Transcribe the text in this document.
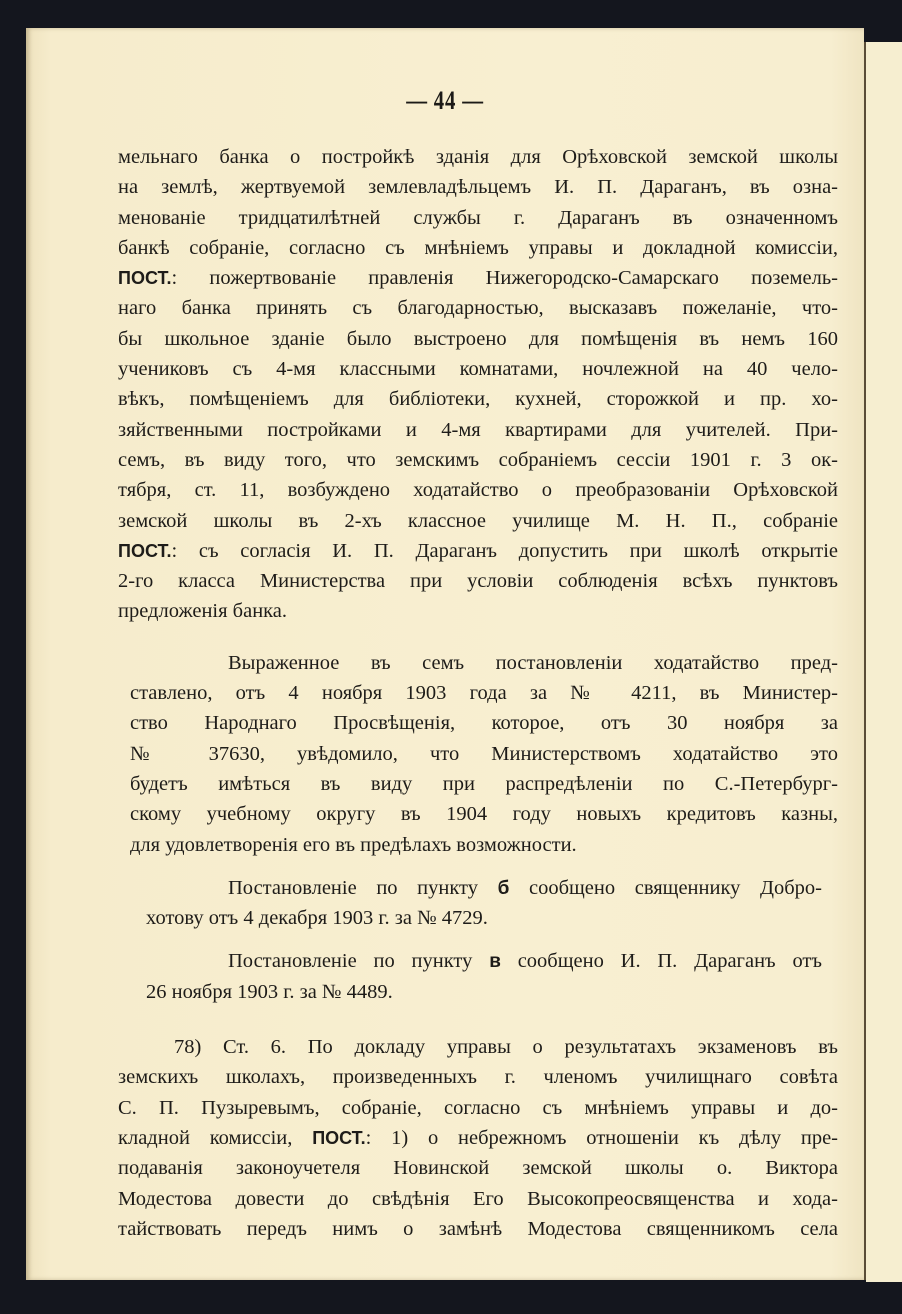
— 44 —
мельнаго банка о постройкѣ зданія для Орѣховской земской школы
на землѣ, жертвуемой землевладѣльцемъ И. П. Дараганъ, въ озна-
менованіе тридцатилѣтней службы г. Дараганъ въ означенномъ
банкѣ собраніе, согласно съ мнѣніемъ управы и докладной комиссіи,
ПОСТ.: пожертвованіе правленія Нижегородско-Самарскаго поземель-
наго банка принять съ благодарностью, высказавъ пожеланіе, что-
бы школьное зданіе было выстроено для помѣщенія въ немъ 160
учениковъ съ 4-мя классными комнатами, ночлежной на 40 чело-
вѣкъ, помѣщеніемъ для библіотеки, кухней, сторожкой и пр. хо-
зяйственными постройками и 4-мя квартирами для учителей. При-
семъ, въ виду того, что земскимъ собраніемъ сессіи 1901 г. 3 ок-
тября, ст. 11, возбуждено ходатайство о преобразованіи Орѣховской
земской школы въ 2-хъ классное училище М. Н. П., собраніе
ПОСТ.: съ согласія И. П. Дараганъ допустить при школѣ открытіе
2-го класса Министерства при условіи соблюденія всѣхъ пунктовъ
предложенія банка.
Выраженное въ семъ постановленіи ходатайство пред-
ставлено, отъ 4 ноября 1903 года за № 4211, въ Министер-
ство Народнаго Просвѣщенія, которое, отъ 30 ноября за
№ 37630, увѣдомило, что Министерствомъ ходатайство это
будетъ имѣться въ виду при распредѣленіи по С.-Петербург-
скому учебному округу въ 1904 году новыхъ кредитовъ казны,
для удовлетворенія его въ предѣлахъ возможности.
Постановленіе по пункту б сообщено священнику Добро-
хотову отъ 4 декабря 1903 г. за № 4729.
Постановленіе по пункту в сообщено И. П. Дараганъ отъ
26 ноября 1903 г. за № 4489.
78) Ст. 6. По докладу управы о результатахъ экзаменовъ въ
земскихъ школахъ, произведенныхъ г. членомъ училищнаго совѣта
С. П. Пузыревымъ, собраніе, согласно съ мнѣніемъ управы и до-
кладной комиссіи, ПОСТ.: 1) о небрежномъ отношеніи къ дѣлу пре-
подаванія законоучетеля Новинской земской школы о. Виктора
Модестова довести до свѣдѣнія Его Высокопреосвященства и хода-
тайствовать передъ нимъ о замѣнѣ Модестова священникомъ села
